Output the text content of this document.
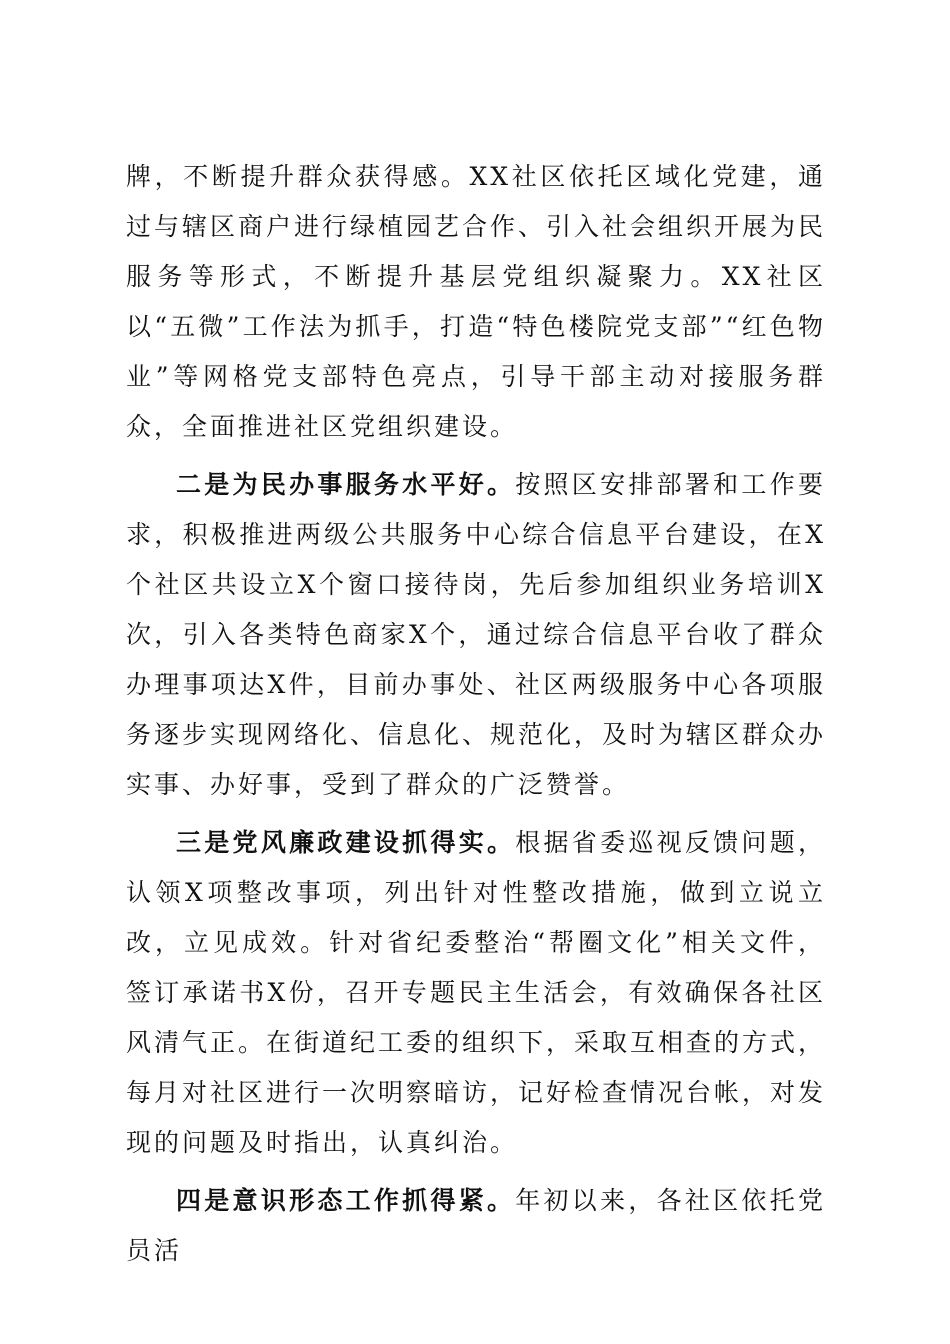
牌，不断提升群众获得感。XX社区依托区域化党建，通过与辖区商户进行绿植园艺合作、引入社会组织开展为民服务等形式，不断提升基层党组织凝聚力。XX社区以“五微”工作法为抓手，打造“特色楼院党支部”“红色物业”等网格党支部特色亮点，引导干部主动对接服务群众，全面推进社区党组织建设。

二是为民办事服务水平好。按照区安排部署和工作要求，积极推进两级公共服务中心综合信息平台建设，在X个社区共设立X个窗口接待岗，先后参加组织业务培训X次，引入各类特色商家X个，通过综合信息平台收了群众办理事项达X件，目前办事处、社区两级服务中心各项服务逐步实现网络化、信息化、规范化，及时为辖区群众办实事、办好事，受到了群众的广泛赞誉。

三是党风廉政建设抓得实。根据省委巡视反馈问题，认领X项整改事项，列出针对性整改措施，做到立说立改，立见成效。针对省纪委整治“帮圈文化”相关文件，签订承诺书X份，召开专题民主生活会，有效确保各社区风清气正。在街道纪工委的组织下，采取互相查的方式，每月对社区进行一次明察暗访，记好检查情况台帐，对发现的问题及时指出，认真纠治。

四是意识形态工作抓得紧。年初以来，各社区依托党员活
